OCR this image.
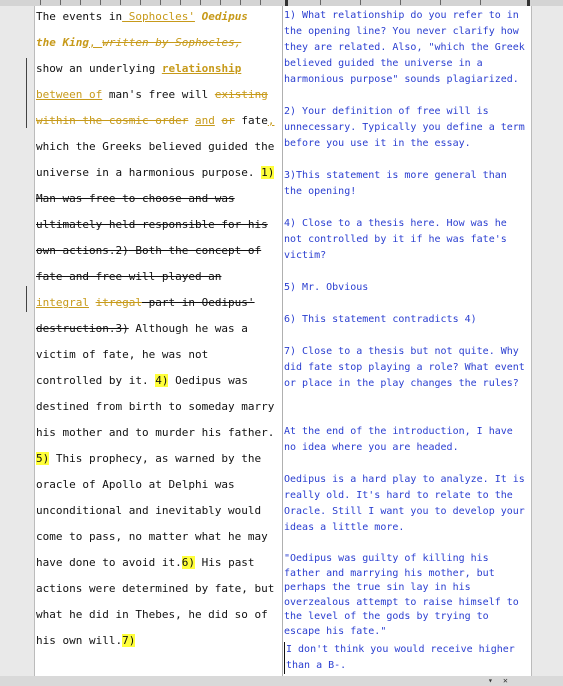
The events in Sophocles' Oedipus
the King, written by Sophocles,
show an underlying relationship
between of man's free will existing
within the cosmic order and or fate,
which the Greeks believed guided the
universe in a harmonious purpose. 1)
Man was free to choose and was
ultimately held responsible for his
own actions.2) Both the concept of
fate and free will played an
integral itregal part in Oedipus'
destruction.3) Although he was a
victim of fate, he was not
controlled by it. 4) Oedipus was
destined from birth to someday marry
his mother and to murder his father.
5) This prophecy, as warned by the
oracle of Apollo at Delphi was
unconditional and inevitably would
come to pass, no matter what he may
have done to avoid it.6) His past
actions were determined by fate, but
what he did in Thebes, he did so of
his own will.7)
1) What relationship do you refer to in the opening line? You never clarify how they are related. Also, "which the Greek believed guided the universe in a harmonious purpose" sounds plagiarized.
2) Your definition of free will is unnecessary. Typically you define a term before you use it in the essay.
3)This statement is more general than the opening!
4) Close to a thesis here. How was he not controlled by it if he was fate's victim?
5) Mr. Obvious
6) This statement contradicts 4)
7) Close to a thesis but not quite. Why did fate stop playing a role? What event or place in the play changes the rules?
At the end of the introduction, I have no idea where you are headed.
Oedipus is a hard play to analyze. It is really old. It's hard to relate to the Oracle. Still I want you to develop your ideas a little more.
"Oedipus was guilty of killing his father and marrying his mother, but perhaps the true sin lay in his overzealous attempt to raise himself to the level of the gods by trying to escape his fate."
I don't think you would receive higher than a B-.
▾ ✕
